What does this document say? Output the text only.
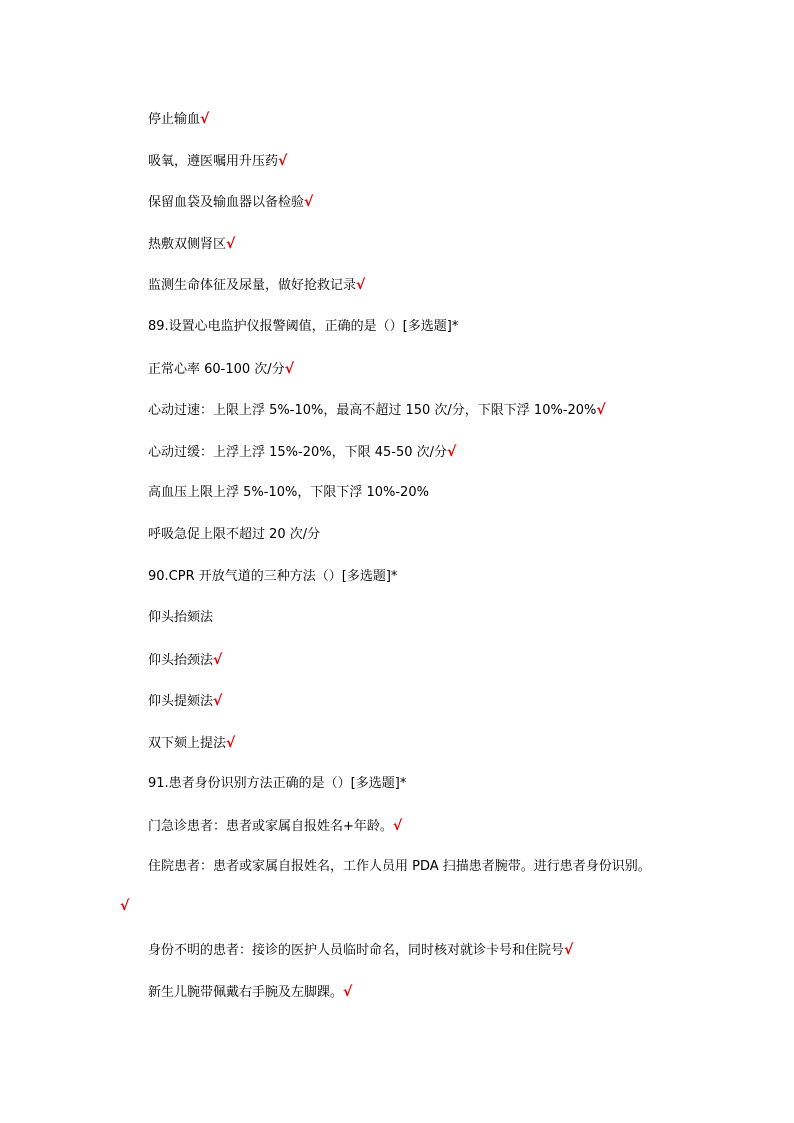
停止输血√
吸氧，遵医嘱用升压药√
保留血袋及输血器以备检验√
热敷双侧肾区√
监测生命体征及尿量，做好抢救记录√
89.设置心电监护仪报警阈值，正确的是（）[多选题]*
正常心率 60-100 次/分√
心动过速：上限上浮 5%-10%，最高不超过 150 次/分，下限下浮 10%-20%√
心动过缓：上浮上浮 15%-20%，下限 45-50 次/分√
高血压上限上浮 5%-10%，下限下浮 10%-20%
呼吸急促上限不超过 20 次/分
90.CPR 开放气道的三种方法（）[多选题]*
仰头抬颏法
仰头抬颈法√
仰头提颏法√
双下颏上提法√
91.患者身份识别方法正确的是（）[多选题]*
门急诊患者：患者或家属自报姓名+年龄。√
住院患者：患者或家属自报姓名，工作人员用 PDA 扫描患者腕带。进行患者身份识别。
身份不明的患者：接诊的医护人员临时命名，同时核对就诊卡号和住院号√
新生儿腕带佩戴右手腕及左脚踝。√
√
